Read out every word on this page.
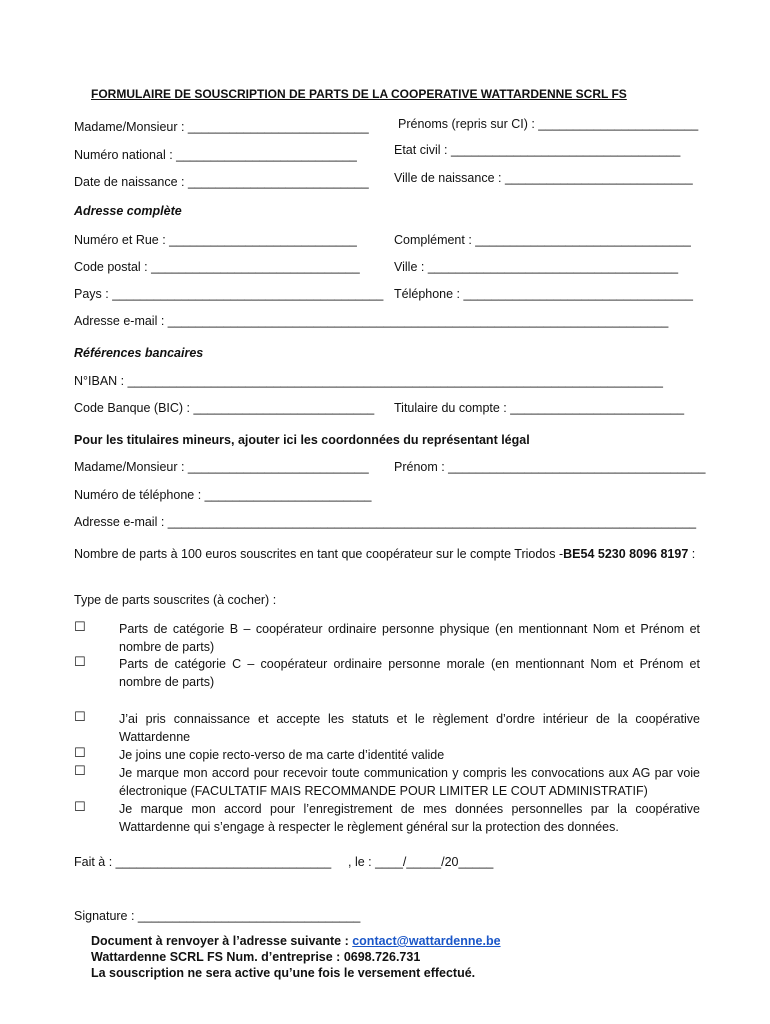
FORMULAIRE DE SOUSCRIPTION DE PARTS DE LA COOPERATIVE WATTARDENNE SCRL FS
Madame/Monsieur : __________________________ Prénoms (repris sur CI) : _______________________
Numéro national : __________________________	Etat civil : _________________________________
Date de naissance : __________________________ Ville de naissance : ___________________________
Adresse complète
Numéro et Rue : ___________________________	Complément : _______________________________
Code postal : ______________________________	Ville : ____________________________________
Pays : _______________________________________ Téléphone : _________________________________
Adresse e-mail : ________________________________________________________________________
Références bancaires
N°IBAN : _____________________________________________________________________________
Code Banque (BIC) : __________________________ Titulaire du compte : _________________________
Pour les titulaires mineurs, ajouter ici les coordonnées du représentant légal
Madame/Monsieur : __________________________ Prénom : _____________________________________
Numéro de téléphone : ________________________
Adresse e-mail : ____________________________________________________________________________
Nombre de parts à 100 euros souscrites en tant que coopérateur sur le compte Triodos -BE54 5230 8096 8197 :
Type de parts souscrites (à cocher) :
☐	Parts de catégorie B – coopérateur ordinaire personne physique (en mentionnant Nom et Prénom et nombre de parts)
☐	Parts de catégorie C – coopérateur ordinaire personne morale (en mentionnant Nom et Prénom et nombre de parts)
☐	J’ai pris connaissance et accepte les statuts et le règlement d’ordre intérieur de la coopérative Wattardenne
☐	Je joins une copie recto-verso de ma carte d’identité valide
☐	Je marque mon accord pour recevoir toute communication y compris les convocations aux AG par voie électronique (FACULTATIF MAIS RECOMMANDE POUR LIMITER LE COUT ADMINISTRATIF)
☐	Je marque mon accord pour l’enregistrement de mes données personnelles par la coopérative Wattardenne qui s’engage à respecter le règlement général sur la protection des données.
Fait à : _______________________________ , le : ____/_____/20_____
Signature : ________________________________
Document à renvoyer à l’adresse suivante : contact@wattardenne.be
Wattardenne SCRL FS Num. d’entreprise : 0698.726.731
La souscription ne sera active qu’une fois le versement effectué.
